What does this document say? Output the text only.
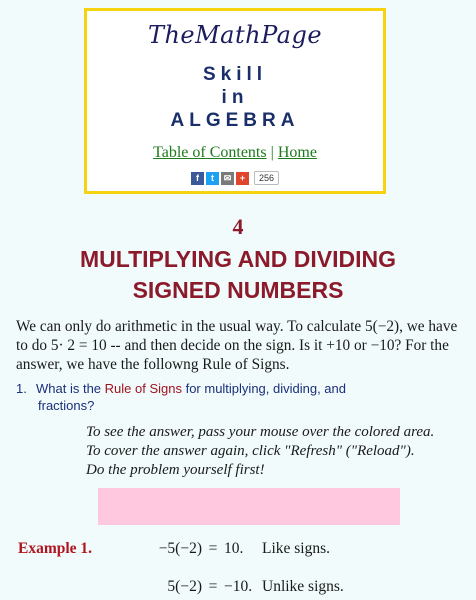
TheMathPage
Skill
in
ALGEBRA
Table of Contents | Home
f	t	✉ +	256
4
MULTIPLYING AND DIVIDING
SIGNED NUMBERS
We can only do arithmetic in the usual way. To calculate 5(−2), we have to do 5· 2 = 10 -- and then decide on the sign. Is it +10 or −10? For the answer, we have the followng Rule of Signs.
1. What is the Rule of Signs for multiplying, dividing, and
fractions?
To see the answer, pass your mouse over the colored area.
To cover the answer again, click "Refresh" ("Reload").
Do the problem yourself first!
Example 1.	−5(−2) = 10. Like signs.
5(−2) = −10. Unlike signs.
